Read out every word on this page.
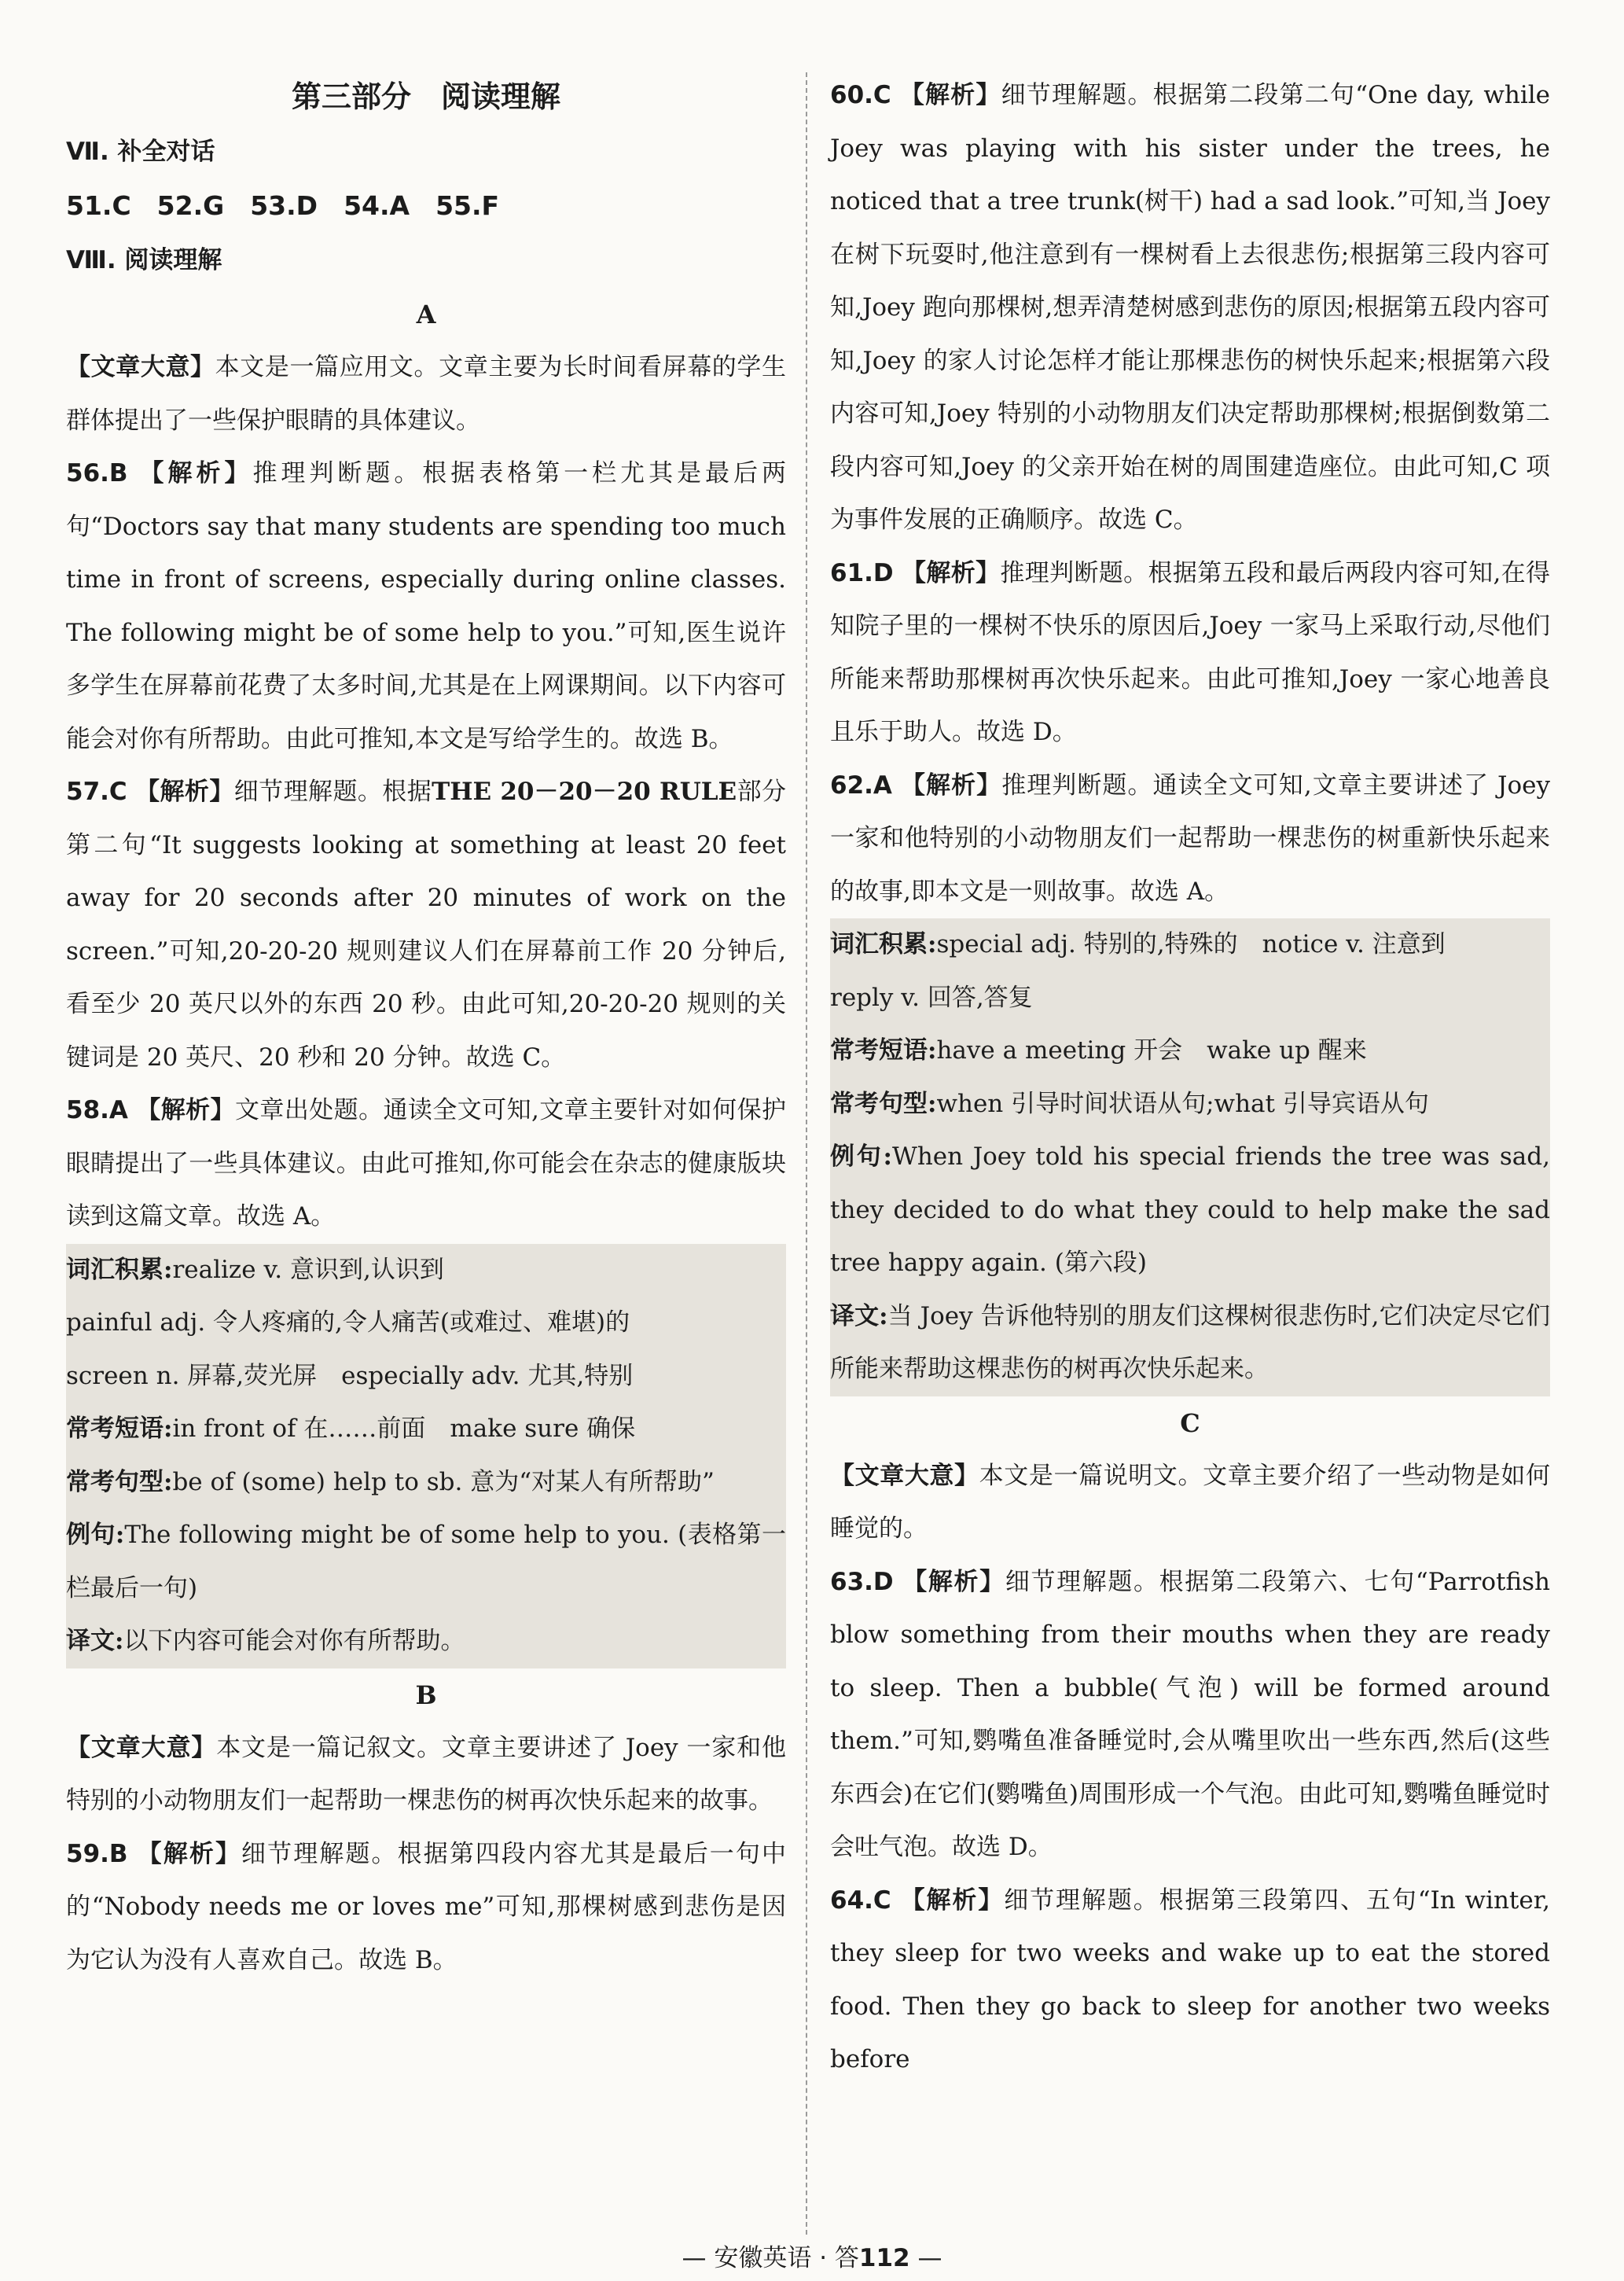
第三部分　阅读理解

Ⅶ. 补全对话

51.C　52.G　53.D　54.A　55.F

Ⅷ. 阅读理解

A

【文章大意】本文是一篇应用文。文章主要为长时间看屏幕的学生群体提出了一些保护眼睛的具体建议。

56.B 【解析】推理判断题。根据表格第一栏尤其是最后两句“Doctors say that many students are spending too much time in front of screens, especially during online classes. The following might be of some help to you.”可知,医生说许多学生在屏幕前花费了太多时间,尤其是在上网课期间。以下内容可能会对你有所帮助。由此可推知,本文是写给学生的。故选 B。

57.C 【解析】细节理解题。根据THE 20－20－20 RULE部分第二句“It suggests looking at something at least 20 feet away for 20 seconds after 20 minutes of work on the screen.”可知,20-20-20 规则建议人们在屏幕前工作 20 分钟后,看至少 20 英尺以外的东西 20 秒。由此可知,20-20-20 规则的关键词是 20 英尺、20 秒和 20 分钟。故选 C。

58.A 【解析】文章出处题。通读全文可知,文章主要针对如何保护眼睛提出了一些具体建议。由此可推知,你可能会在杂志的健康版块读到这篇文章。故选 A。

词汇积累:realize v. 意识到,认识到

painful adj. 令人疼痛的,令人痛苦(或难过、难堪)的

screen n. 屏幕,荧光屏　especially adv. 尤其,特别

常考短语:in front of 在……前面　make sure 确保

常考句型:be of (some) help to sb. 意为“对某人有所帮助”

例句:The following might be of some help to you. (表格第一栏最后一句)

译文:以下内容可能会对你有所帮助。

B

【文章大意】本文是一篇记叙文。文章主要讲述了 Joey 一家和他特别的小动物朋友们一起帮助一棵悲伤的树再次快乐起来的故事。

59.B 【解析】细节理解题。根据第四段内容尤其是最后一句中的“Nobody needs me or loves me”可知,那棵树感到悲伤是因为它认为没有人喜欢自己。故选 B。

60.C 【解析】细节理解题。根据第二段第二句“One day, while Joey was playing with his sister under the trees, he noticed that a tree trunk(树干) had a sad look.”可知,当 Joey 在树下玩耍时,他注意到有一棵树看上去很悲伤;根据第三段内容可知,Joey 跑向那棵树,想弄清楚树感到悲伤的原因;根据第五段内容可知,Joey 的家人讨论怎样才能让那棵悲伤的树快乐起来;根据第六段内容可知,Joey 特别的小动物朋友们决定帮助那棵树;根据倒数第二段内容可知,Joey 的父亲开始在树的周围建造座位。由此可知,C 项为事件发展的正确顺序。故选 C。

61.D 【解析】推理判断题。根据第五段和最后两段内容可知,在得知院子里的一棵树不快乐的原因后,Joey 一家马上采取行动,尽他们所能来帮助那棵树再次快乐起来。由此可推知,Joey 一家心地善良且乐于助人。故选 D。

62.A 【解析】推理判断题。通读全文可知,文章主要讲述了 Joey 一家和他特别的小动物朋友们一起帮助一棵悲伤的树重新快乐起来的故事,即本文是一则故事。故选 A。

词汇积累:special adj. 特别的,特殊的　notice v. 注意到

reply v. 回答,答复

常考短语:have a meeting 开会　wake up 醒来

常考句型:when 引导时间状语从句;what 引导宾语从句

例句:When Joey told his special friends the tree was sad, they decided to do what they could to help make the sad tree happy again. (第六段)

译文:当 Joey 告诉他特别的朋友们这棵树很悲伤时,它们决定尽它们所能来帮助这棵悲伤的树再次快乐起来。

C

【文章大意】本文是一篇说明文。文章主要介绍了一些动物是如何睡觉的。

63.D 【解析】细节理解题。根据第二段第六、七句“Parrotfish blow something from their mouths when they are ready to sleep. Then a bubble(气泡) will be formed around them.”可知,鹦嘴鱼准备睡觉时,会从嘴里吹出一些东西,然后(这些东西会)在它们(鹦嘴鱼)周围形成一个气泡。由此可知,鹦嘴鱼睡觉时会吐气泡。故选 D。

64.C 【解析】细节理解题。根据第三段第四、五句“In winter, they sleep for two weeks and wake up to eat the stored food. Then they go back to sleep for another two weeks before

— 安徽英语 · 答112 —
